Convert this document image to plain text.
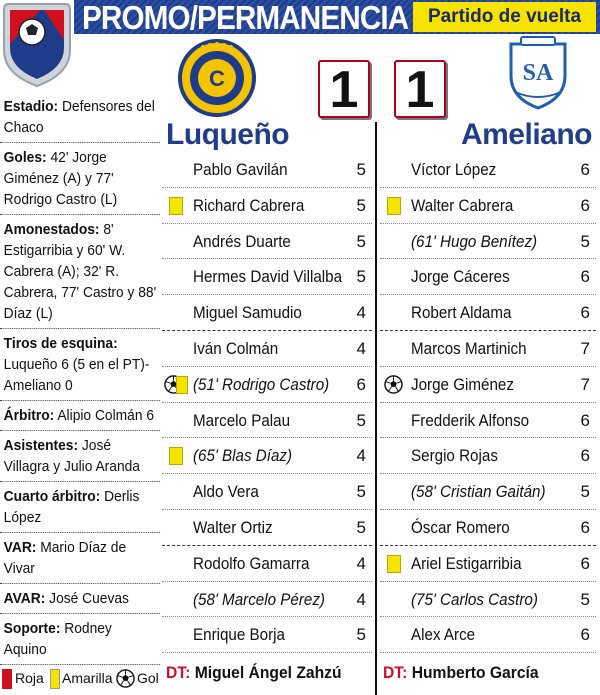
PROMO/PERMANENCIA	Partido de vuelta
C	SA
1 1
Luqueño	Ameliano
Estadio: Defensores del Chaco
Goles: 42' Jorge Giménez (A) y 77' Rodrigo Castro (L)
Amonestados: 8' Estigarribia y 60' W. Cabrera (A); 32' R. Cabrera, 77' Castro y 88' Díaz (L)
Tiros de esquina: Luqueño 6 (5 en el PT)- Ameliano 0
Árbitro: Alipio Colmán 6
Asistentes: José Villagra y Julio Aranda
Cuarto árbitro: Derlis López
VAR: Mario Díaz de Vivar
AVAR: José Cuevas
Soporte: Rodney Aquino
Pablo Gavilán	5
Richard Cabrera	5
Andrés Duarte	5
Hermes David Villalba 5
Miguel Samudio	4
Iván Colmán	4
(51' Rodrigo Castro) 6
Marcelo Palau	5
(65' Blas Díaz)	4
Aldo Vera	5
Walter Ortiz	5
Rodolfo Gamarra	4
(58' Marcelo Pérez) 4
Enrique Borja	5
Víctor López	6
Walter Cabrera	6
(61' Hugo Benítez)	5
Jorge Cáceres	6
Robert Aldama	6
Marcos Martinich	7
Jorge Giménez	7
Fredderik Alfonso	6
Sergio Rojas	6
(58' Cristian Gaitán) 5
Óscar Romero	6
Ariel Estigarribia	6
(75' Carlos Castro)	5
Alex Arce	6
DT: Miguel Ángel Zahzú DT: Humberto García
Roja Amarilla Gol
